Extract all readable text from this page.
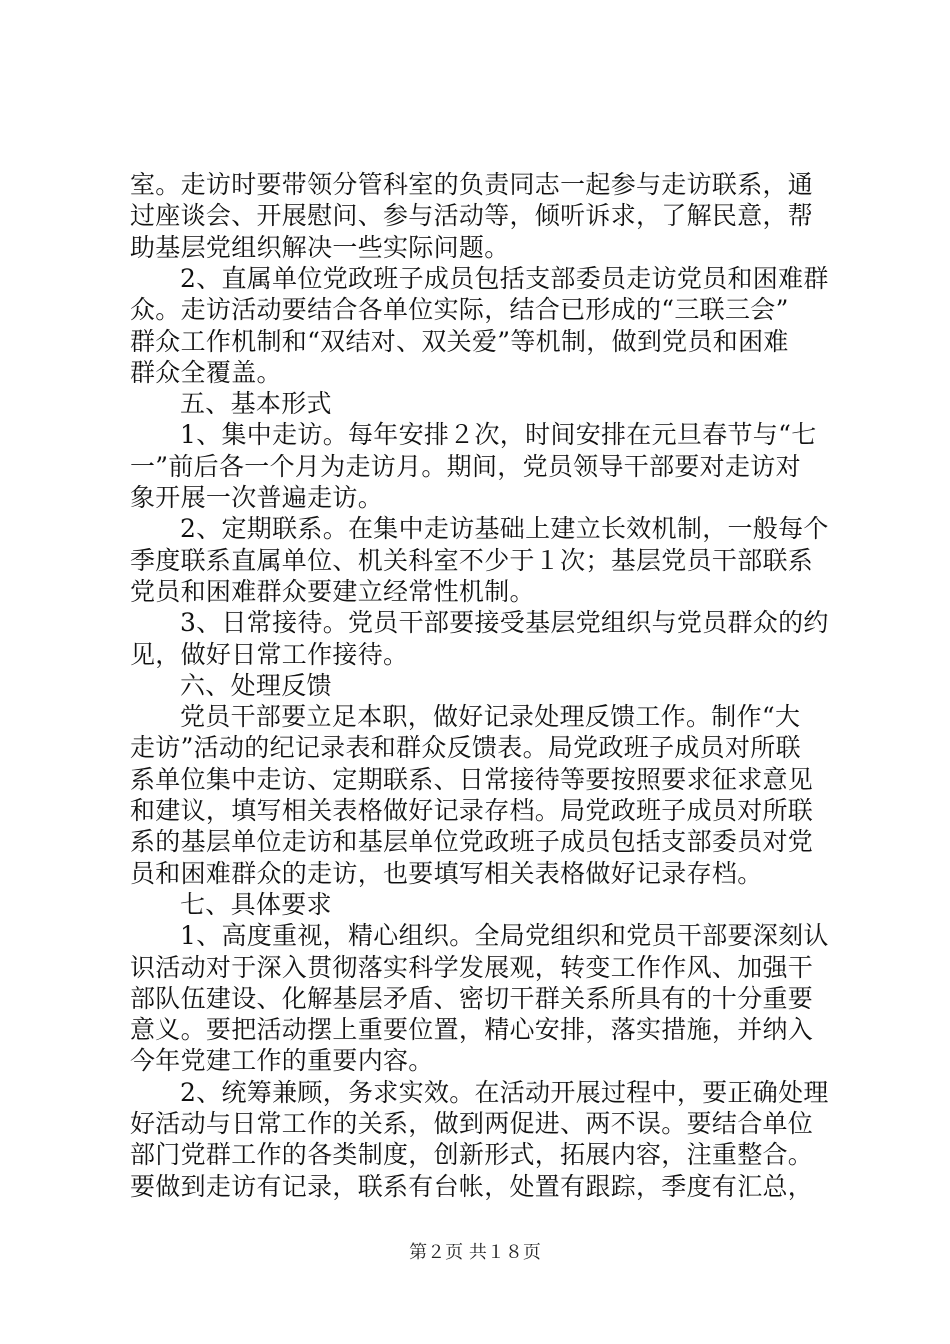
室。走访时要带领分管科室的负责同志一起参与走访联系，通
过座谈会、开展慰问、参与活动等，倾听诉求，了解民意，帮
助基层党组织解决一些实际问题。
2、直属单位党政班子成员包括支部委员走访党员和困难群
众。走访活动要结合各单位实际，结合已形成的“三联三会”
群众工作机制和“双结对、双关爱”等机制，做到党员和困难
群众全覆盖。
五、基本形式
1、集中走访。每年安排２次，时间安排在元旦春节与“七
一”前后各一个月为走访月。期间，党员领导干部要对走访对
象开展一次普遍走访。
2、定期联系。在集中走访基础上建立长效机制，一般每个
季度联系直属单位、机关科室不少于１次；基层党员干部联系
党员和困难群众要建立经常性机制。
3、日常接待。党员干部要接受基层党组织与党员群众的约
见，做好日常工作接待。
六、处理反馈
党员干部要立足本职，做好记录处理反馈工作。制作“大
走访”活动的纪记录表和群众反馈表。局党政班子成员对所联
系单位集中走访、定期联系、日常接待等要按照要求征求意见
和建议，填写相关表格做好记录存档。局党政班子成员对所联
系的基层单位走访和基层单位党政班子成员包括支部委员对党
员和困难群众的走访，也要填写相关表格做好记录存档。
七、具体要求
1、高度重视，精心组织。全局党组织和党员干部要深刻认
识活动对于深入贯彻落实科学发展观，转变工作作风、加强干
部队伍建设、化解基层矛盾、密切干群关系所具有的十分重要
意义。要把活动摆上重要位置，精心安排，落实措施，并纳入
今年党建工作的重要内容。
2、统筹兼顾，务求实效。在活动开展过程中，要正确处理
好活动与日常工作的关系，做到两促进、两不误。要结合单位
部门党群工作的各类制度，创新形式，拓展内容，注重整合。
要做到走访有记录，联系有台帐，处置有跟踪，季度有汇总，
第２页 共１８页
